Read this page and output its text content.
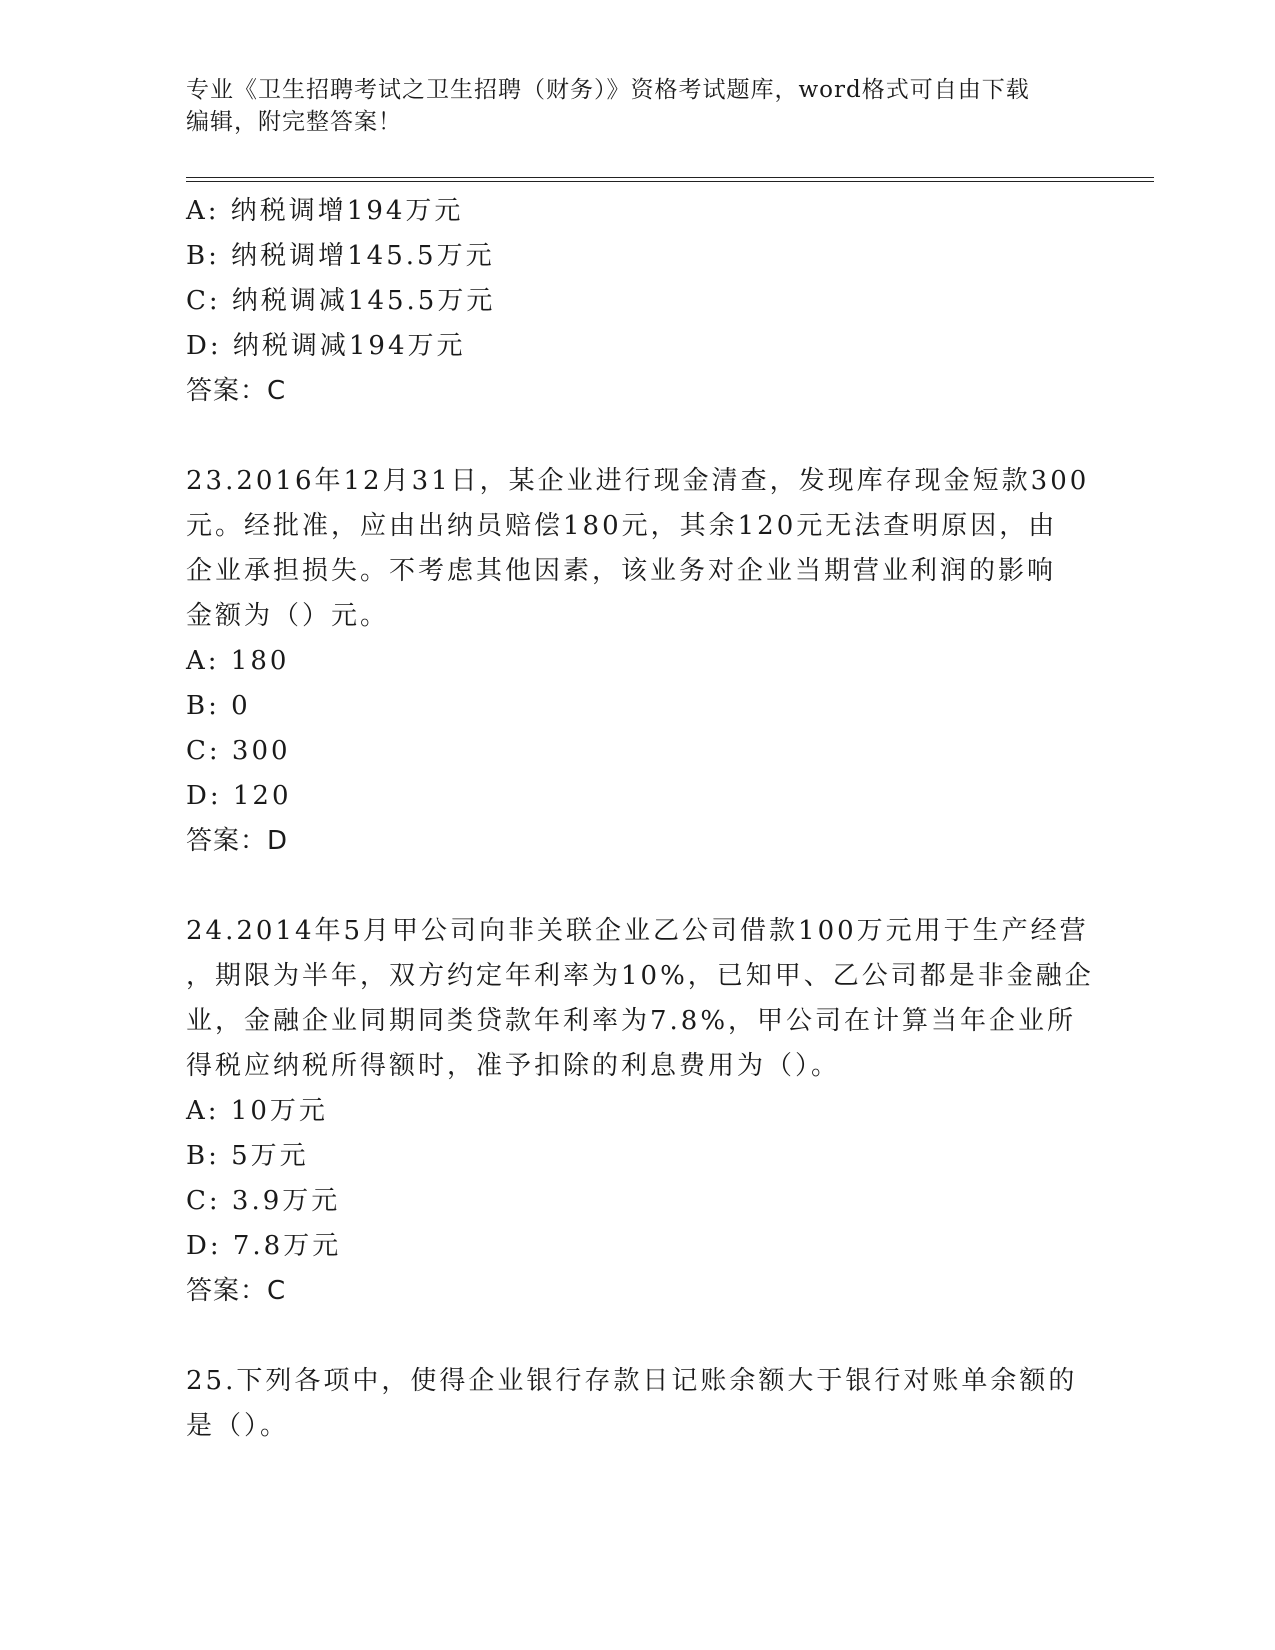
专业《卫生招聘考试之卫生招聘（财务）》资格考试题库，word格式可自由下载
编辑，附完整答案！
A: 纳税调增194万元
B: 纳税调增145.5万元
C: 纳税调减145.5万元
D: 纳税调减194万元
答案：C
23.2016年12月31日，某企业进行现金清查，发现库存现金短款300
元。经批准，应由出纳员赔偿180元，其余120元无法查明原因，由
企业承担损失。不考虑其他因素，该业务对企业当期营业利润的影响
金额为（）元。
A: 180
B: 0
C: 300
D: 120
答案：D
24.2014年5月甲公司向非关联企业乙公司借款100万元用于生产经营
，期限为半年，双方约定年利率为10%，已知甲、乙公司都是非金融企
业，金融企业同期同类贷款年利率为7.8%，甲公司在计算当年企业所
得税应纳税所得额时，准予扣除的利息费用为（）。
A: 10万元
B: 5万元
C: 3.9万元
D: 7.8万元
答案：C
25.下列各项中，使得企业银行存款日记账余额大于银行对账单余额的
是（）。
